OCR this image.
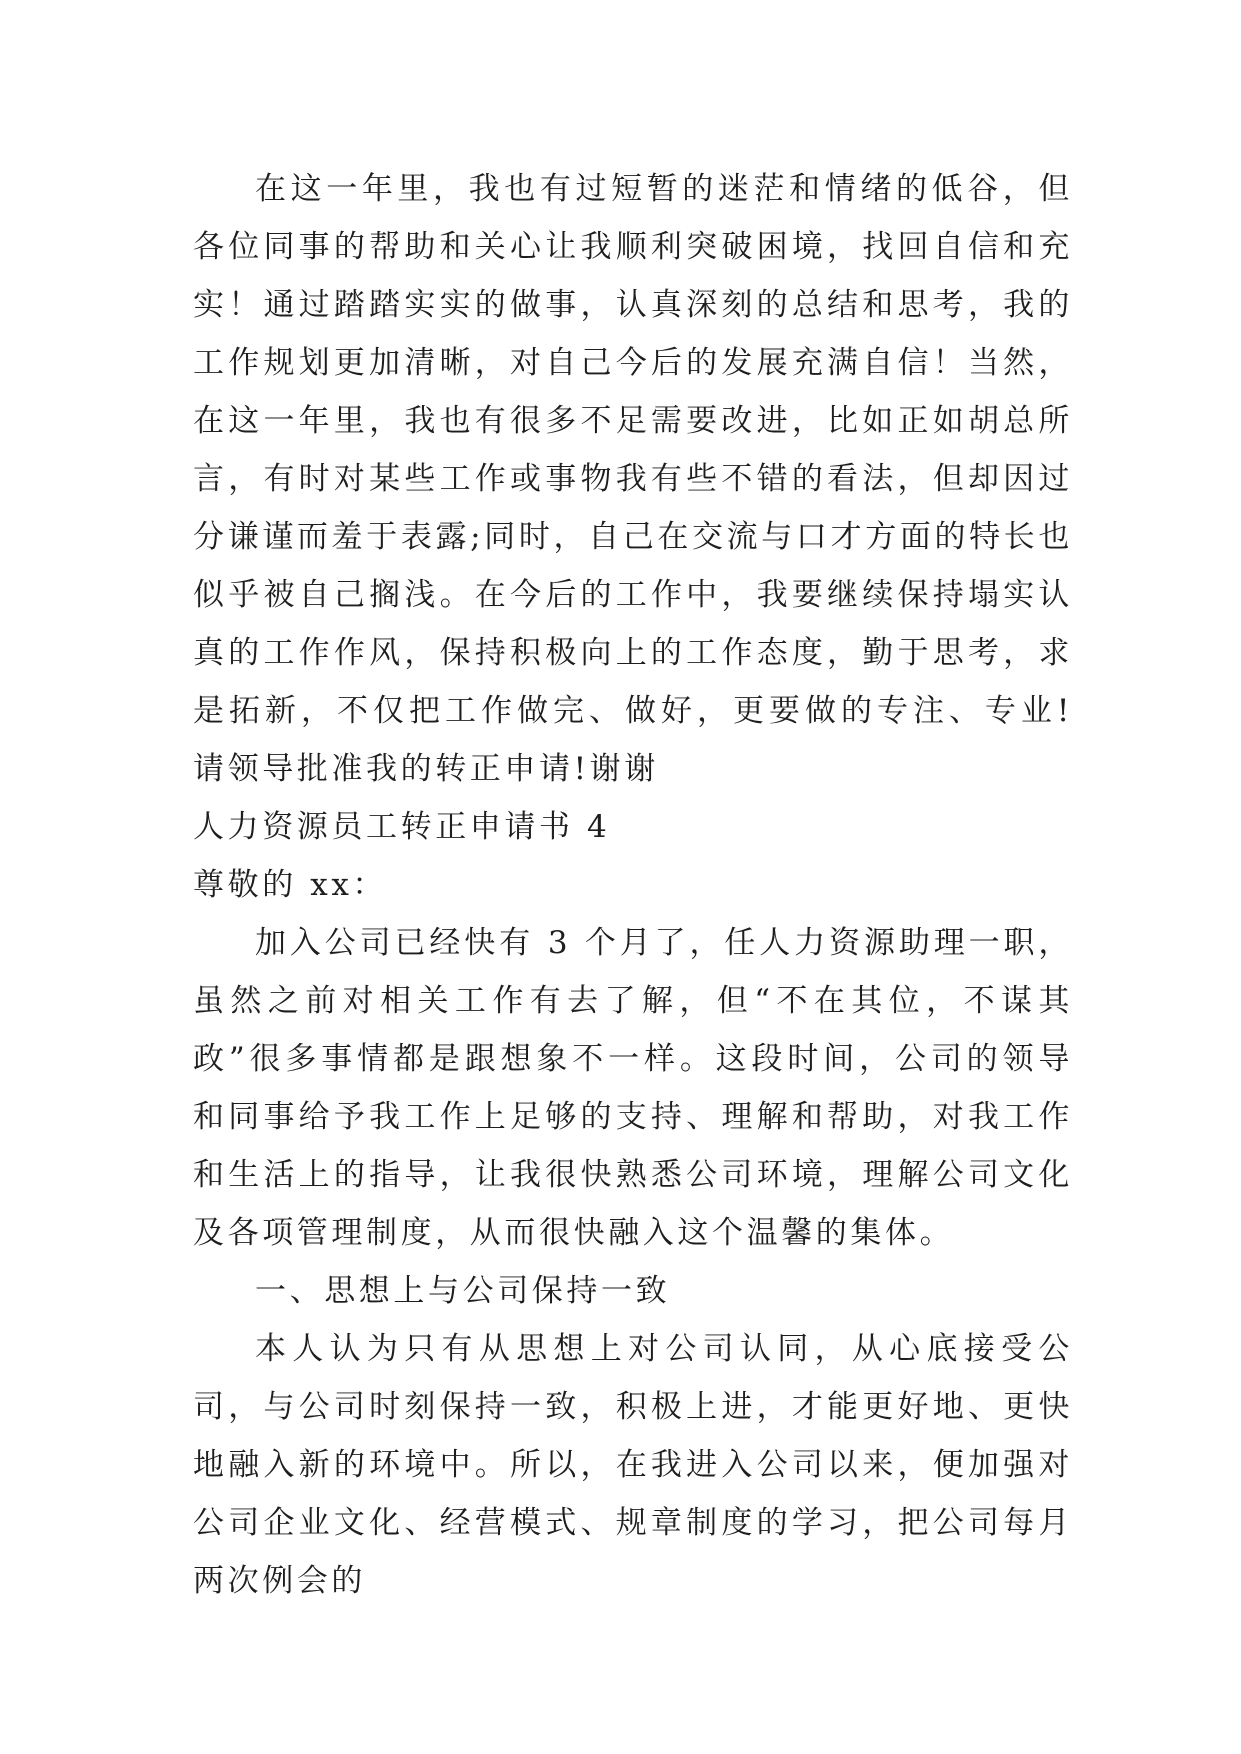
在这一年里，我也有过短暂的迷茫和情绪的低谷，但各位同事的帮助和关心让我顺利突破困境，找回自信和充实！通过踏踏实实的做事，认真深刻的总结和思考，我的工作规划更加清晰，对自己今后的发展充满自信！当然，在这一年里，我也有很多不足需要改进，比如正如胡总所言，有时对某些工作或事物我有些不错的看法，但却因过分谦谨而羞于表露;同时，自己在交流与口才方面的特长也似乎被自己搁浅。在今后的工作中，我要继续保持塌实认真的工作作风，保持积极向上的工作态度，勤于思考，求是拓新，不仅把工作做完、做好，更要做的专注、专业!请领导批准我的转正申请!谢谢

人力资源员工转正申请书 4

尊敬的 xx：

加入公司已经快有 3 个月了，任人力资源助理一职，虽然之前对相关工作有去了解，但“不在其位，不谋其政”很多事情都是跟想象不一样。这段时间，公司的领导和同事给予我工作上足够的支持、理解和帮助，对我工作和生活上的指导，让我很快熟悉公司环境，理解公司文化及各项管理制度，从而很快融入这个温馨的集体。

一、思想上与公司保持一致

本人认为只有从思想上对公司认同，从心底接受公司，与公司时刻保持一致，积极上进，才能更好地、更快地融入新的环境中。所以，在我进入公司以来，便加强对公司企业文化、经营模式、规章制度的学习，把公司每月两次例会的
